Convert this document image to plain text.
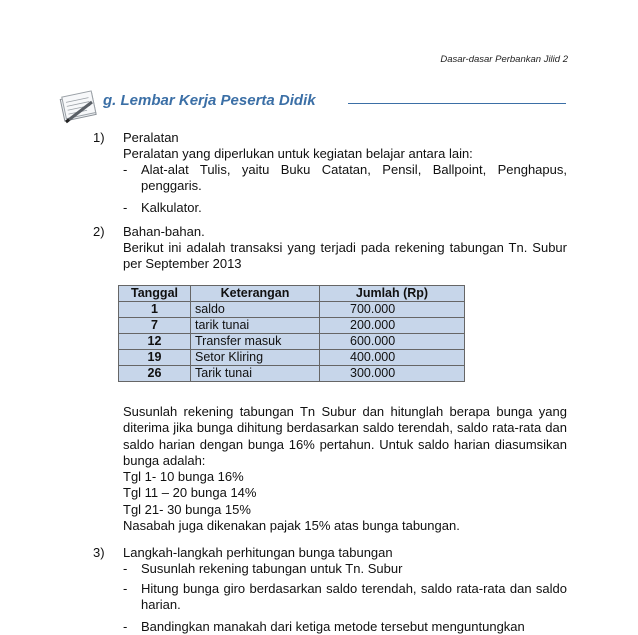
Dasar-dasar Perbankan Jilid 2
g. Lembar Kerja Peserta Didik
1) Peralatan
Peralatan yang diperlukan untuk kegiatan belajar antara lain:
- Alat-alat Tulis, yaitu Buku Catatan, Pensil, Ballpoint, Penghapus, penggaris.
- Kalkulator.
2) Bahan-bahan.
Berikut ini adalah transaksi yang terjadi pada rekening tabungan Tn. Subur per September 2013
Tanggal	Keterangan	Jumlah (Rp)
1	saldo	700.000
7	tarik tunai	200.000
12	Transfer masuk	600.000
19	Setor Kliring	400.000
26	Tarik tunai	300.000
Susunlah rekening tabungan Tn Subur dan hitunglah berapa bunga yang diterima jika bunga dihitung berdasarkan saldo terendah, saldo rata-rata dan saldo harian dengan bunga 16% pertahun. Untuk saldo harian diasumsikan bunga adalah:
Tgl 1- 10 bunga 16%
Tgl 11 – 20 bunga 14%
Tgl 21- 30 bunga 15%
Nasabah juga dikenakan pajak 15% atas bunga tabungan.
3) Langkah-langkah perhitungan bunga tabungan
- Susunlah rekening tabungan untuk Tn. Subur
- Hitung bunga giro berdasarkan saldo terendah, saldo rata-rata dan saldo harian.
- Bandingkan manakah dari ketiga metode tersebut menguntungkan
